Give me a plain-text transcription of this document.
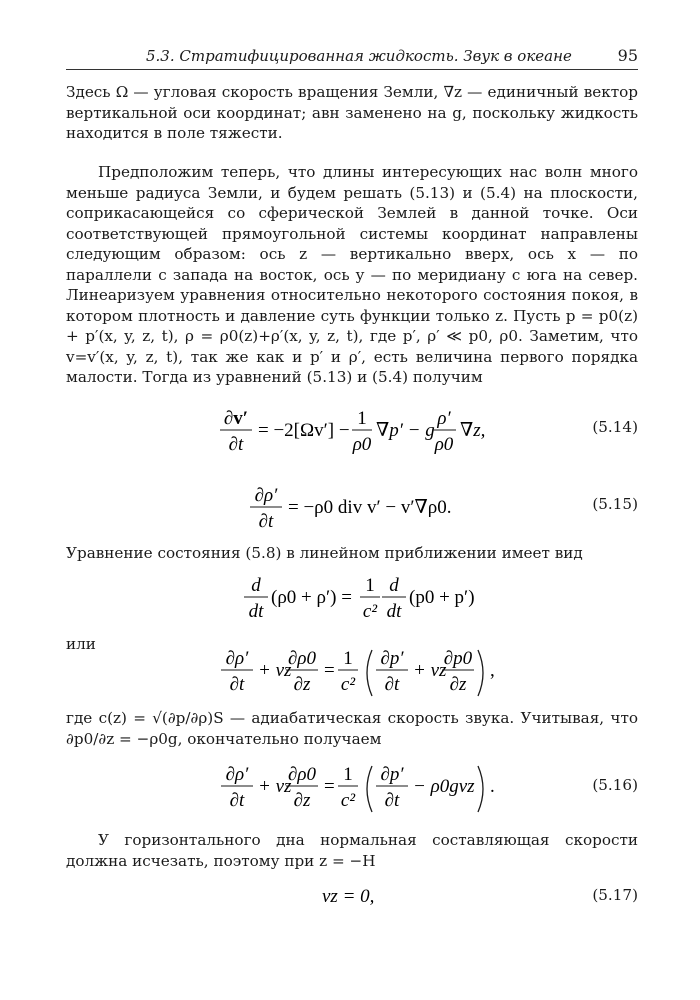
5.3. Стратифицированная жидкость. Звук в океане	95

Здесь Ω — угловая скорость вращения Земли, ∇z — единичный вектор вертикальной оси координат; aвн заменено на g, поскольку жидкость находится в поле тяжести.

Предположим теперь, что длины интересующих нас волн много меньше радиуса Земли, и будем решать (5.13) и (5.4) на плоскости, соприкасающейся со сферической Землей в данной точке. Оси соответствующей прямоугольной системы координат направлены следующим образом: ось z — вертикально вверх, ось x — по параллели с запада на восток, ось y — по меридиану с юга на север. Линеаризуем уравнения относительно некоторого состояния покоя, в котором плотность и давление суть функции только z. Пусть p = p0(z) + p′(x, y, z, t), ρ = ρ0(z)+ρ′(x, y, z, t), где p′, ρ′ ≪ p0, ρ0. Заметим, что v=v′(x, y, z, t), так же как и p′ и ρ′, есть величина первого порядка малости. Тогда из уравнений (5.13) и (5.4) получим

∂v′
∂t
= −2[Ωv′] −
1
ρ0
∇p′ − g
ρ′
ρ0
∇z,	(5.14)
∂ρ′
∂t
= −ρ0 div v′ − v′∇ρ0.	(5.15)

Уравнение состояния (5.8) в линейном приближении имеет вид

d
dt
(ρ0 + ρ′) =
1
c²
d
dt
(p0 + p′)

или

∂ρ′
∂t
+ vz
∂ρ0
∂z
=
1
c²
∂p′
∂t
+ vz
∂p0
∂z
,

где c(z) = √(∂p/∂ρ)S — адиабатическая скорость звука. Учитывая, что ∂p0/∂z = −ρ0g, окончательно получаем

∂ρ′
∂t
+ vz
∂ρ0
∂z
=
1
c²
∂p′
∂t
− ρ0gvz .	(5.16)

У горизонтального дна нормальная составляющая скорости должна исчезать, поэтому при z = −H

vz = 0,	(5.17)
